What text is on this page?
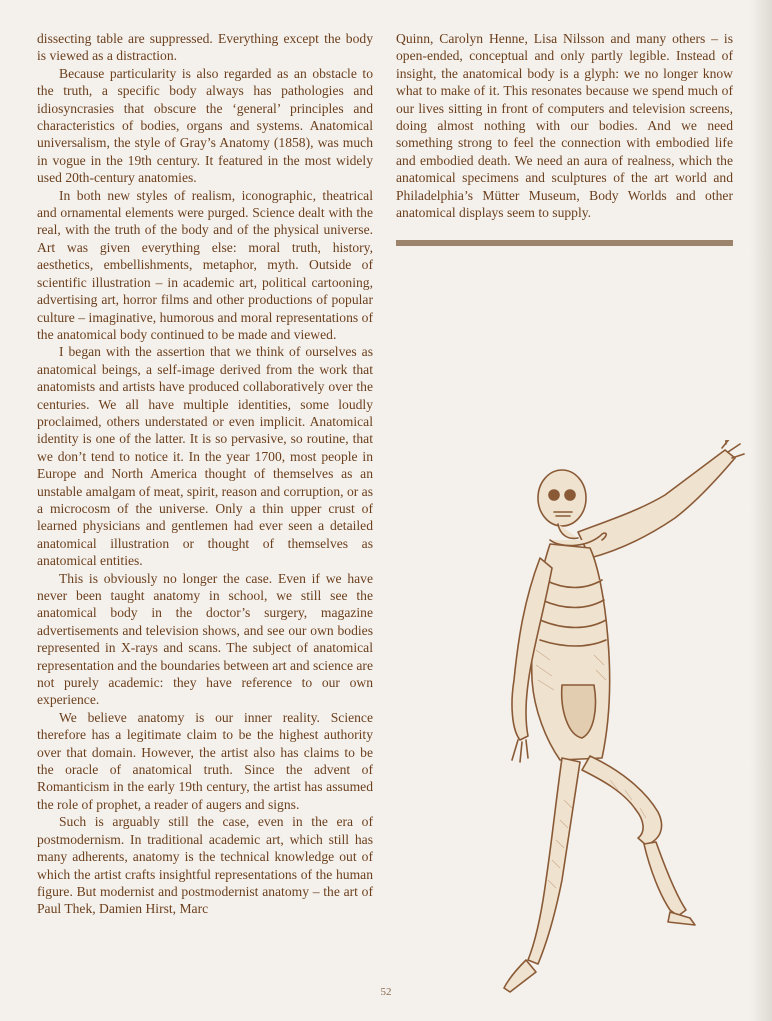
dissecting table are suppressed. Everything except the body is viewed as a distraction.

Because particularity is also regarded as an obstacle to the truth, a specific body always has pathologies and idiosyncrasies that obscure the ‘general’ principles and characteristics of bodies, organs and systems. Anatomical universalism, the style of Gray’s Anatomy (1858), was much in vogue in the 19th century. It featured in the most widely used 20th-century anatomies.

In both new styles of realism, iconographic, theatrical and ornamental elements were purged. Science dealt with the real, with the truth of the body and of the physical universe. Art was given everything else: moral truth, history, aesthetics, embellishments, metaphor, myth. Outside of scientific illustration – in academic art, political cartooning, advertising art, horror films and other productions of popular culture – imaginative, humorous and moral representations of the anatomical body continued to be made and viewed.

I began with the assertion that we think of ourselves as anatomical beings, a self-image derived from the work that anatomists and artists have produced collaboratively over the centuries. We all have multiple identities, some loudly proclaimed, others understated or even implicit. Anatomical identity is one of the latter. It is so pervasive, so routine, that we don’t tend to notice it. In the year 1700, most people in Europe and North America thought of themselves as an unstable amalgam of meat, spirit, reason and corruption, or as a microcosm of the universe. Only a thin upper crust of learned physicians and gentlemen had ever seen a detailed anatomical illustration or thought of themselves as anatomical entities.

This is obviously no longer the case. Even if we have never been taught anatomy in school, we still see the anatomical body in the doctor’s surgery, magazine advertisements and television shows, and see our own bodies represented in X-rays and scans. The subject of anatomical representation and the boundaries between art and science are not purely academic: they have reference to our own experience.

We believe anatomy is our inner reality. Science therefore has a legitimate claim to be the highest authority over that domain. However, the artist also has claims to be the oracle of anatomical truth. Since the advent of Romanticism in the early 19th century, the artist has assumed the role of prophet, a reader of augers and signs.

Such is arguably still the case, even in the era of postmodernism. In traditional academic art, which still has many adherents, anatomy is the technical knowledge out of which the artist crafts insightful representations of the human figure. But modernist and postmodernist anatomy – the art of Paul Thek, Damien Hirst, Marc

Quinn, Carolyn Henne, Lisa Nilsson and many others – is open-ended, conceptual and only partly legible. Instead of insight, the anatomical body is a glyph: we no longer know what to make of it. This resonates because we spend much of our lives sitting in front of computers and television screens, doing almost nothing with our bodies. And we need something strong to feel the connection with embodied life and embodied death. We need an aura of realness, which the anatomical specimens and sculptures of the art world and Philadelphia’s Mütter Museum, Body Worlds and other anatomical displays seem to supply.

52
